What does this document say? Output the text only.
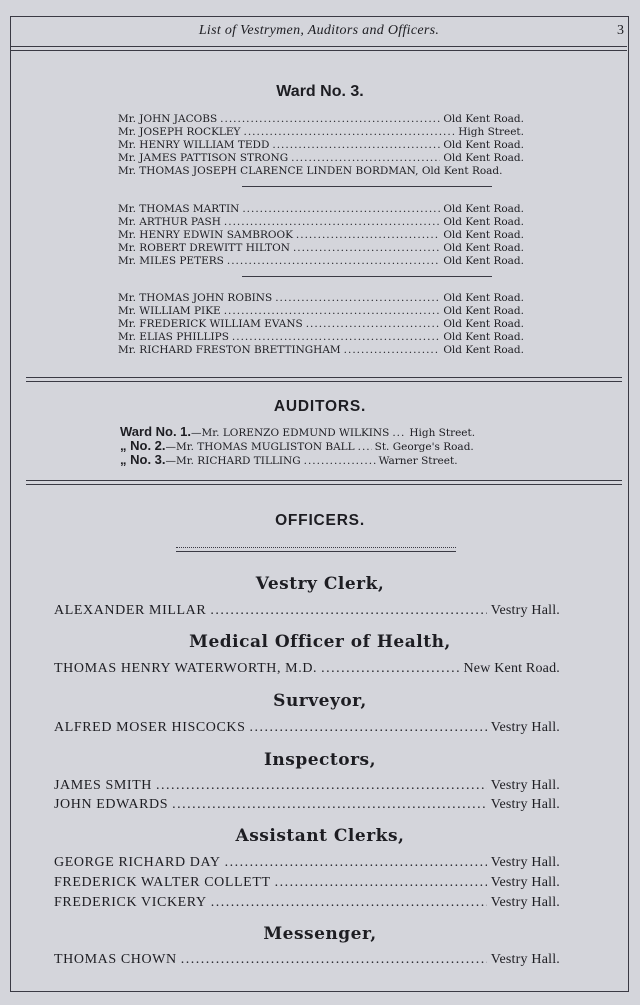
List of Vestrymen, Auditors and Officers.	3
Ward No. 3.
Mr. JOHN JACOBS .....	Old Kent Road.
Mr. JOSEPH ROCKLEY .....	High Street.
Mr. HENRY WILLIAM TEDD .....	Old Kent Road.
Mr. JAMES PATTISON STRONG .....	Old Kent Road.
Mr. THOMAS JOSEPH CLARENCE LINDEN BORDMAN, Old Kent Road.
Mr. THOMAS MARTIN .....	Old Kent Road.
Mr. ARTHUR PASH .....	Old Kent Road.
Mr. HENRY EDWIN SAMBROOK .....	Old Kent Road.
Mr. ROBERT DREWITT HILTON .....	Old Kent Road.
Mr. MILES PETERS .....	Old Kent Road.
Mr. THOMAS JOHN ROBINS .....	Old Kent Road.
Mr. WILLIAM PIKE .....	Old Kent Road.
Mr. FREDERICK WILLIAM EVANS .....	Old Kent Road.
Mr. ELIAS PHILLIPS .....	Old Kent Road.
Mr. RICHARD FRESTON BRETTINGHAM .....	Old Kent Road.
AUDITORS.
Ward No. 1. —Mr. LORENZO EDMUND WILKINS ..... High Street.
„ No. 2. —Mr. THOMAS MUGLISTON BALL ..... St. George's Road.
„ No. 3. —Mr. RICHARD TILLING .....	Warner Street.
OFFICERS.
Vestry Clerk,
ALEXANDER MILLAR .....	Vestry Hall.
Medical Officer of Health,
THOMAS HENRY WATERWORTH, M.D. .....	New Kent Road.
Surveyor,
ALFRED MOSER HISCOCKS .....	Vestry Hall.
Inspectors,
JAMES SMITH .....	Vestry Hall.
JOHN EDWARDS .....	Vestry Hall.
Assistant Clerks,
GEORGE RICHARD DAY .....	Vestry Hall.
FREDERICK WALTER COLLETT .....	Vestry Hall.
FREDERICK VICKERY .....	Vestry Hall.
Messenger,
THOMAS CHOWN .....	Vestry Hall.
